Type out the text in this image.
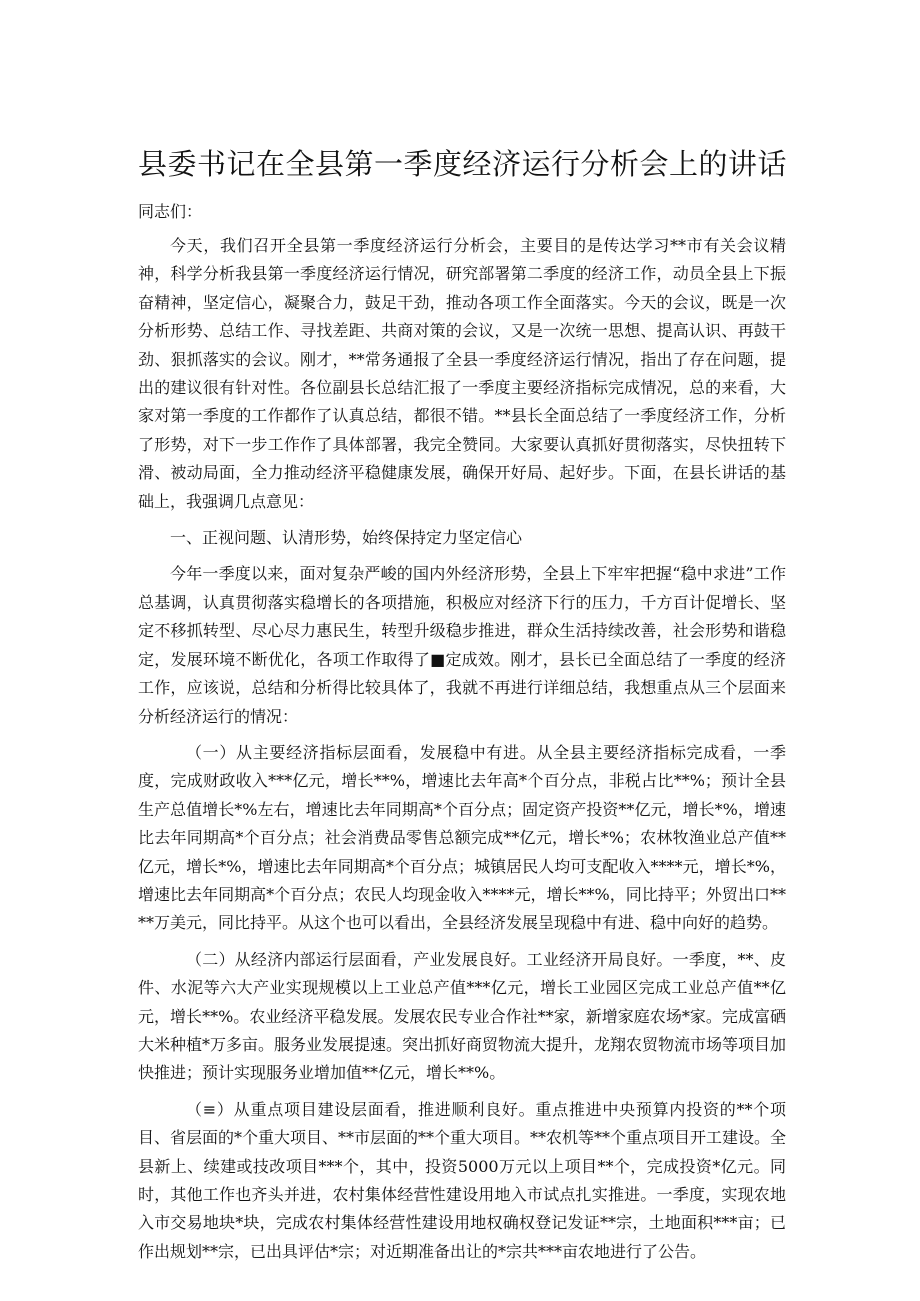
县委书记在全县第一季度经济运行分析会上的讲话

同志们：

今天，我们召开全县第一季度经济运行分析会，主要目的是传达学习**市有关会议精神，科学分析我县第一季度经济运行情况，研究部署第二季度的经济工作，动员全县上下振奋精神，坚定信心，凝聚合力，鼓足干劲，推动各项工作全面落实。今天的会议，既是一次分析形势、总结工作、寻找差距、共商对策的会议，又是一次统一思想、提高认识、再鼓干劲、狠抓落实的会议。刚才，**常务通报了全县一季度经济运行情况，指出了存在问题，提出的建议很有针对性。各位副县长总结汇报了一季度主要经济指标完成情况，总的来看，大家对第一季度的工作都作了认真总结，都很不错。**县长全面总结了一季度经济工作，分析了形势，对下一步工作作了具体部署，我完全赞同。大家要认真抓好贯彻落实，尽快扭转下滑、被动局面，全力推动经济平稳健康发展，确保开好局、起好步。下面，在县长讲话的基础上，我强调几点意见：

一、正视问题、认清形势，始终保持定力坚定信心

今年一季度以来，面对复杂严峻的国内外经济形势，全县上下牢牢把握“稳中求进”工作总基调，认真贯彻落实稳增长的各项措施，积极应对经济下行的压力，千方百计促增长、坚定不移抓转型、尽心尽力惠民生，转型升级稳步推进，群众生活持续改善，社会形势和谐稳定，发展环境不断优化，各项工作取得了■定成效。刚才，县长已全面总结了一季度的经济工作，应该说，总结和分析得比较具体了，我就不再进行详细总结，我想重点从三个层面来分析经济运行的情况：

（一）从主要经济指标层面看，发展稳中有进。从全县主要经济指标完成看，一季度，完成财政收入***亿元，增长**%，增速比去年高*个百分点，非税占比**%；预计全县生产总值增长*%左右，增速比去年同期高*个百分点；固定资产投资**亿元，增长*%，增速比去年同期高*个百分点；社会消费品零售总额完成**亿元，增长*%；农林牧渔业总产值**亿元，增长*%，增速比去年同期高*个百分点；城镇居民人均可支配收入****元，增长*%，增速比去年同期高*个百分点；农民人均现金收入****元，增长**%，同比持平；外贸出口****万美元，同比持平。从这个也可以看出，全县经济发展呈现稳中有进、稳中向好的趋势。

（二）从经济内部运行层面看，产业发展良好。工业经济开局良好。一季度，**、皮件、水泥等六大产业实现规模以上工业总产值***亿元，增长工业园区完成工业总产值**亿元，增长**%。农业经济平稳发展。发展农民专业合作社**家，新增家庭农场*家。完成富硒大米种植*万多亩。服务业发展提速。突出抓好商贸物流大提升，龙翔农贸物流市场等项目加快推进；预计实现服务业增加值**亿元，增长**%。

（≡）从重点项目建设层面看，推进顺利良好。重点推进中央预算内投资的**个项目、省层面的*个重大项目、**市层面的**个重大项目。**农机等**个重点项目开工建设。全县新上、续建或技改项目***个，其中，投资5000万元以上项目**个，完成投资*亿元。同时，其他工作也齐头并进，农村集体经营性建设用地入市试点扎实推进。一季度，实现农地入市交易地块*块，完成农村集体经营性建设用地权确权登记发证**宗，土地面积***亩；已作出规划**宗，已出具评估*宗；对近期准备出让的*宗共***亩农地进行了公告。
